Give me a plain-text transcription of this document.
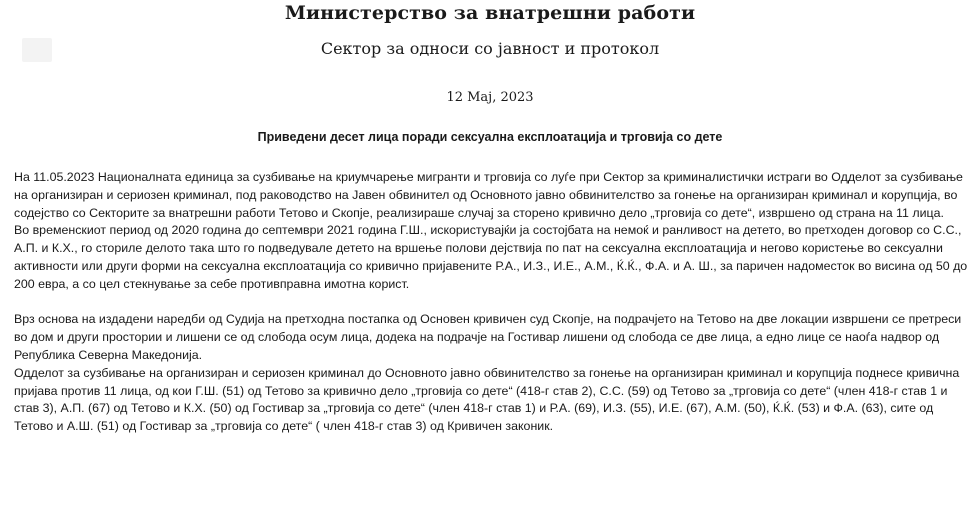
Министерство за внатрешни работи
Сектор за односи со јавност и протокол
12 Мај, 2023
Приведени десет лица поради сексуална експлоатација и трговија со дете

На 11.05.2023 Националната единица за сузбивање на криумчарење мигранти и трговија со луѓе при Сектор за криминалистички истраги во Одделот за сузбивање на организиран и сериозен криминал, под раководство на Јавен обвинител од Основното јавно обвинителство за гонење на организиран криминал и корупција, во содејство со Секторите за внатрешни работи Тетово и Скопје, реализираше случај за сторено кривично дело „трговија со дете“, извршено од страна на 11 лица.

Во временскиот период од 2020 година до септември 2021 година Г.Ш., искористувајќи ја состојбата на немоќ и ранливост на детето, во претходен договор со С.С., А.П. и К.Х., го сториле делото така што го подведувале детето на вршење полови дејствија по пат на сексуална експлоатација и негово користење во сексуални активности или други форми на сексуална експлоатација со кривично пријавените Р.А., И.З., И.Е., А.М., Ќ.Ќ., Ф.А. и А. Ш., за паричен надоместок во висина од 50 до 200 евра, а со цел стекнување за себе противправна имотна корист.

Врз основа на издадени наредби од Судија на претходна постапка од Основен кривичен суд Скопје, на подрачјето на Тетово на две локации извршени се претреси во дом и други простории и лишени се од слобода осум лица, додека на подрачје на Гостивар лишени од слобода се две лица, а едно лице се наоѓа надвор од Република Северна Македонија.

Одделот за сузбивање на организиран и сериозен криминал до Основното јавно обвинителство за гонење на организиран криминал и корупција поднесе кривична пријава против 11 лица, од кои Г.Ш. (51) од Тетово за кривично дело „трговија со дете“ (418-г став 2), С.С. (59) од Тетово за „трговија со дете“ (член 418-г став 1 и став 3), А.П. (67) од Тетово и К.Х. (50) од Гостивар за „трговија со дете“ (член 418-г став 1) и Р.А. (69), И.З. (55), И.Е. (67), А.М. (50), Ќ.Ќ. (53) и Ф.А. (63), сите од Тетово и А.Ш. (51) од Гостивар за „трговија со дете“ ( член 418-г став 3) од Кривичен законик.
